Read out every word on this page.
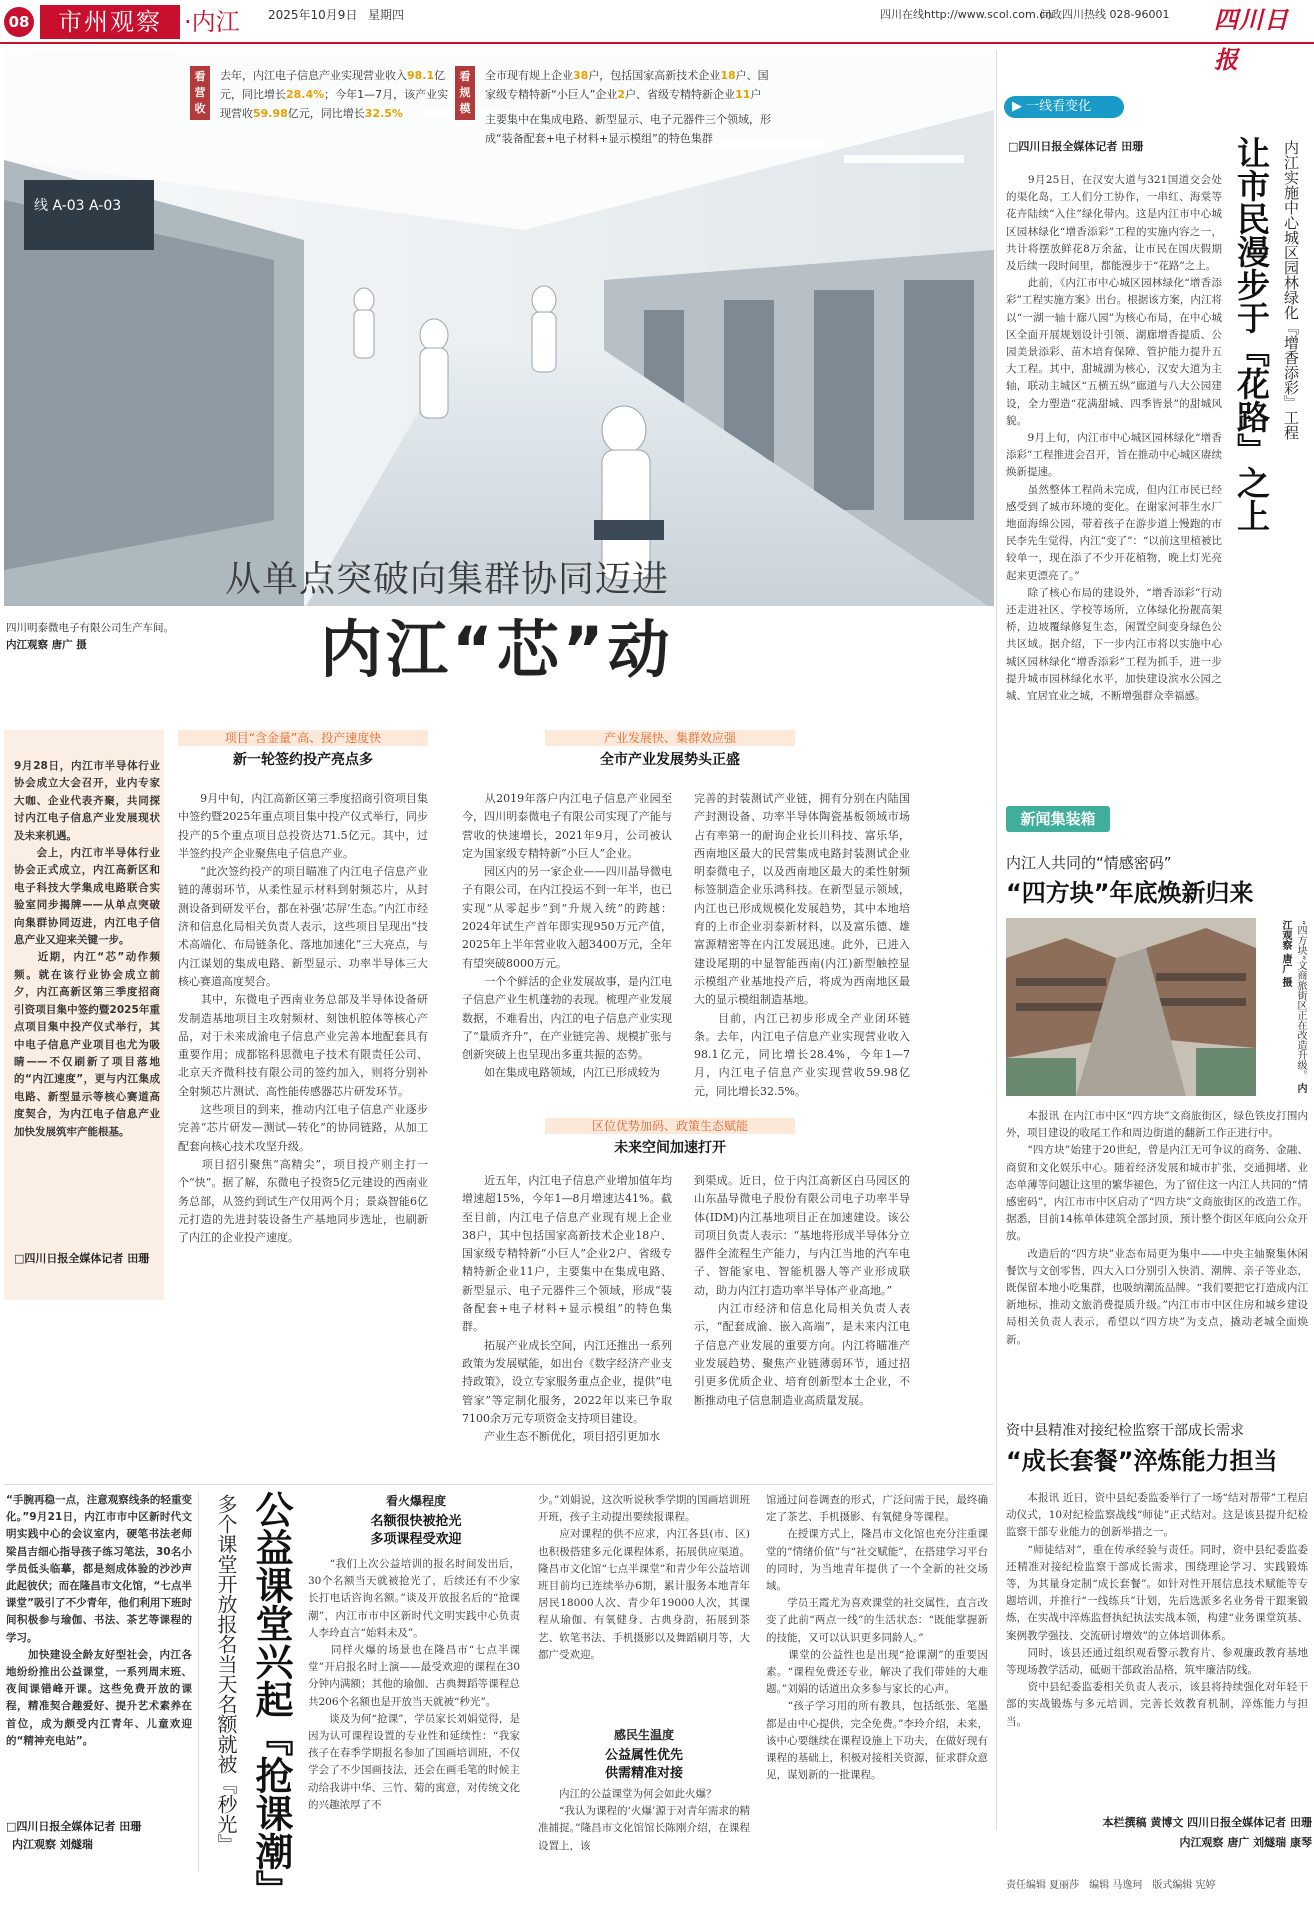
08	市州观察 ·内江	2025年10月9日 星期四	四川在线http://www.scol.com.cn
问政四川热线 028-96001	四川日报
线 A-03 A-03
看营收
去年，内江电子信息产业实现营业收入98.1亿元，同比增长28.4%；今年1—7月，该产业实现营收59.98亿元，同比增长32.5%
看规模
全市现有规上企业38户，包括国家高新技术企业18户、国家级专精特新“小巨人”企业2户、省级专精特新企业11户
主要集中在集成电路、新型显示、电子元器件三个领域，形成“装备配套+电子材料+显示模组”的特色集群
从单点突破向集群协同迈进
四川明泰微电子有限公司生产车间。 内江观察 唐广 摄	内江“芯”动
9月28日，内江市半导体行业协会成立大会召开，业内专家大咖、企业代表齐聚，共同探讨内江电子信息产业发展现状及未来机遇。
　　会上，内江市半导体行业协会正式成立，内江高新区和电子科技大学集成电路联合实验室同步揭牌——从单点突破向集群协同迈进，内江电子信息产业又迎来关键一步。
　　近期，内江“芯”动作频频。就在该行业协会成立前夕，内江高新区第三季度招商引资项目集中签约暨2025年重点项目集中投产仪式举行，其中电子信息产业项目也尤为吸睛——不仅刷新了项目落地的“内江速度”，更与内江集成电路、新型显示等核心赛道高度契合，为内江电子信息产业加快发展筑牢产能根基。
□四川日报全媒体记者 田珊
项目“含金量”高、投产速度快
新一轮签约投产亮点多
　　9月中旬，内江高新区第三季度招商引资项目集中签约暨2025年重点项目集中投产仪式举行，同步投产的5个重点项目总投资达71.5亿元。其中，过半签约投产企业聚焦电子信息产业。
　　“此次签约投产的项目瞄准了内江电子信息产业链的薄弱环节，从柔性显示材料到射频芯片，从封测设备到研发平台，都在补强‘芯屏’生态。”内江市经济和信息化局相关负责人表示，这些项目呈现出“技术高端化、布局链条化、落地加速化”三大亮点，与内江谋划的集成电路、新型显示、功率半导体三大核心赛道高度契合。
　　其中，东微电子西南业务总部及半导体设备研发制造基地项目主攻射频材、刻蚀机腔体等核心产品，对于未来成渝电子信息产业完善本地配套具有重要作用；成都铭科思微电子技术有限责任公司、北京天齐微科技有限公司的签约加入，则将分别补全射频芯片测试、高性能传感器芯片研发环节。
　　这些项目的到来，推动内江电子信息产业逐步完善“芯片研发—测试—转化”的协同链路，从加工配套向核心技术攻坚升级。
　　项目招引聚焦“高精尖”，项目投产则主打一个“快”。据了解，东微电子投资5亿元建设的西南业务总部，从签约到试生产仅用两个月；景焱智能6亿元打造的先进封装设备生产基地同步选址，也刷新了内江的企业投产速度。
产业发展快、集群效应强
全市产业发展势头正盛
　　从2019年落户内江电子信息产业园至今，四川明泰微电子有限公司实现了产能与营收的快速增长，2021年9月，公司被认定为国家级专精特新“小巨人”企业。
　　园区内的另一家企业——四川晶导微电子有限公司，在内江投运不到一年半，也已实现“从零起步”到“升规入统”的跨越：2024年试生产首年即实现950万元产值，2025年上半年营业收入超3400万元，全年有望突破8000万元。
　　一个个鲜活的企业发展故事，是内江电子信息产业生机蓬勃的表现。梳理产业发展数据，不难看出，内江的电子信息产业实现了“量质齐升”，在产业链完善、规模扩张与创新突破上也呈现出多重共振的态势。
　　如在集成电路领域，内江已形成较为
完善的封装测试产业链，拥有分别在内陆国产封测设备、功率半导体陶瓷基板领域市场占有率第一的耐询企业长川科技、富乐华，西南地区最大的民营集成电路封装测试企业明泰微电子，以及西南地区最大的柔性射频标签制造企业乐鸿科技。在新型显示领域，内江也已形成规模化发展趋势，其中本地培育的上市企业羽泰新材料，以及富乐德、雄富源精密等在内江发展迅速。此外，已进入建设尾期的中显智能西南(内江)新型触控显示模组产业基地投产后，将成为西南地区最大的显示模组制造基地。
　　目前，内江已初步形成全产业闭环链条。去年，内江电子信息产业实现营业收入98.1亿元，同比增长28.4%，今年1—7月，内江电子信息产业实现营收59.98亿元，同比增长32.5%。
区位优势加码、政策生态赋能
未来空间加速打开
　　近五年，内江电子信息产业增加值年均增速超15%，今年1—8月增速达41%。截至目前，内江电子信息产业现有规上企业38户，其中包括国家高新技术企业18户、国家级专精特新“小巨人”企业2户、省级专精特新企业11户，主要集中在集成电路、新型显示、电子元器件三个领域，形成“装备配套+电子材料+显示模组”的特色集群。
　　拓展产业成长空间，内江还推出一系列政策为发展赋能，如出台《数字经济产业支持政策》，设立专家服务重点企业，提供“电管家”等定制化服务，2022年以来已争取7100余万元专项资金支持项目建设。
　　产业生态不断优化，项目招引更加水
到渠成。近日，位于内江高新区白马园区的山东晶导微电子股份有限公司电子功率半导体(IDM)内江基地项目正在加速建设。该公司项目负责人表示：“基地将形成半导体分立器件全流程生产能力，与内江当地的汽车电子、智能家电、智能机器人等产业形成联动，助力内江打造功率半导体产业高地。”
　　内江市经济和信息化局相关负责人表示，“配套成渝、嵌入高端”，是未来内江电子信息产业发展的重要方向。内江将瞄准产业发展趋势、聚焦产业链薄弱环节，通过招引更多优质企业、培育创新型本土企业，不断推动电子信息制造业高质量发展。
▶ 一线看变化
□四川日报全媒体记者 田珊	让市民漫步于『花路』之上 内江实施中心城区园林绿化『增香添彩』工程
　　9月25日，在汉安大道与321国道交会处的渠化岛，工人们分工协作，一串红、海棠等花卉陆续“入住”绿化带内。这是内江市中心城区园林绿化“增香添彩”工程的实施内容之一，共计将摆放鲜花8万余盆，让市民在国庆假期及后续一段时间里，都能漫步于“花路”之上。
　　此前，《内江市中心城区园林绿化“增香添彩”工程实施方案》出台。根据该方案，内江将以“一湖一轴十廊八园”为核心布局，在中心城区全面开展规划设计引领、湖廊增香提质、公园美景添彩、苗木培育保障、管护能力提升五大工程。其中，甜城湖为核心，汉安大道为主轴，联动主城区“五横五纵”廊道与八大公园建设，全力塑造“花满甜城、四季皆景”的甜城风貌。
　　9月上旬，内江市中心城区园林绿化“增香添彩”工程推进会召开，旨在推动中心城区赓续焕新提速。
　　虽然整体工程尚未完成，但内江市民已经感受到了城市环境的变化。在谢家河菲生水厂地面海绵公园，带着孩子在游步道上慢跑的市民李先生觉得，内江“变了”：“以前这里植被比较单一，现在添了不少开花植物，晚上灯光亮起来更漂亮了。”
　　除了核心布局的建设外，“增香添彩”行动还走进社区、学校等场所，立体绿化扮靓高架桥，边坡覆绿修复生态，闲置空间变身绿色公共区域。据介绍，下一步内江市将以实施中心城区园林绿化“增香添彩”工程为抓手，进一步提升城市园林绿化水平，加快建设滨水公园之城、宜居宜业之城，不断增强群众幸福感。
新闻集装箱
内江人共同的“情感密码”
“四方块”年底焕新归来
“四方块”文商旅街区正在改造升级。 内江观察 唐广 摄
　　本报讯 在内江市中区“四方块”文商旅街区，绿色铁皮打围内外，项目建设的收尾工作和周边街道的翻新工作正进行中。
　　“四方块”始建于20世纪，曾是内江无可争议的商务、金融、商贸和文化娱乐中心。随着经济发展和城市扩张，交通拥堵、业态单薄等问题让这里的繁华褪色，为了留住这一内江人共同的“情感密码”，内江市市中区启动了“四方块”文商旅街区的改造工作。据悉，目前14栋单体建筑全部封顶，预计整个街区年底向公众开放。
　　改造后的“四方块”业态布局更为集中——中央主轴聚集休闲餐饮与文创零售，四大入口分别引入快消、潮牌、亲子等业态，既保留本地小吃集群，也吸纳潮流品牌。“我们要把它打造成内江新地标，推动文旅消费提质升级。”内江市市中区住房和城乡建设局相关负责人表示，希望以“四方块”为支点，撬动老城全面焕新。
资中县精准对接纪检监察干部成长需求
“成长套餐”淬炼能力担当
　　本报讯 近日，资中县纪委监委举行了一场“结对帮带”工程启动仪式，10对纪检监察战线“师徒”正式结对。这是该县提升纪检监察干部专业能力的创新举措之一。
　　“师徒结对”，重在传承经验与责任。同时，资中县纪委监委还精准对接纪检监察干部成长需求，围绕理论学习、实践锻炼等，为其量身定制“成长套餐”。如针对性开展信息技术赋能等专题培训，并推行“一线练兵”计划，先后选派多名业务骨干跟案锻炼，在实战中淬炼监督执纪执法实战本领，构建“业务课堂筑基、案例教学强技、交流研讨增效”的立体培训体系。
　　同时，该县还通过组织观看警示教育片、参观廉政教育基地等现场教学活动，砥砺干部政治品格，筑牢廉洁防线。
　　资中县纪委监委相关负责人表示，该县将持续强化对年轻干部的实战锻炼与多元培训，完善长效教育机制，淬炼能力与担当。
本栏撰稿 黄博文 四川日报全媒体记者 田珊
内江观察 唐广 刘燧瑞 康琴
“手腕再稳一点，注意观察线条的轻重变化。”9月21日，内江市市中区新时代文明实践中心的会议室内，硬笔书法老师梁昌吉细心指导孩子练习笔法，30名小学员低头临摹，都是刻成体验的沙沙声此起彼伏；而在隆昌市文化馆，“七点半课堂”吸引了不少青年，他们利用下班时间积极参与瑜伽、书法、茶艺等课程的学习。
　　加快建设全龄友好型社会，内江各地纷纷推出公益课堂，一系列周末班、夜间课错峰开课。这些免费开放的课程，精准契合趣爱好、提升艺术素养在首位，成为颇受内江青年、儿童欢迎的“精神充电站”。
□四川日报全媒体记者 田珊
内江观察 刘燧瑞	公益课堂兴起『抢课潮』
多个课堂开放报名当天名额就被『秒光』	看火爆程度
名额很快被抢光
多项课程受欢迎
　　“我们上次公益培训的报名时间发出后，30个名额当天就被抢光了，后续还有不少家长打电话咨询名额。”谈及开放报名后的“抢课潮”，内江市市中区新时代文明实践中心负责人李玲直言“始料未及”。
　　同样火爆的场景也在隆昌市“七点半课堂”开启报名时上演——最受欢迎的课程在30分钟内满额；其他的瑜伽、古典舞蹈等课程总共206个名额也是开放当天就被“秒光”。
　　谈及为何“抢课”，学员家长刘娟觉得，是因为认可课程设置的专业性和延续性：“我家孩子在春季学期报名参加了国画培训班，不仅学会了不少国画技法，还会在画毛笔的时候主动给我讲中华、三竹、菊的寓意，对传统文化的兴趣浓厚了不
少。”刘娟说，这次听说秋季学期的国画培训班开班，孩子主动提出要续报课程。
　　应对课程的供不应求，内江各县(市、区)也积极搭建多元化课程体系，拓展供应渠道。隆昌市文化馆“七点半课堂”和青少年公益培训班目前均已连续举办6期，累计服务本地青年居民18000人次、青少年19000人次，其课程从瑜伽、有氧健身、古典身韵，拓展到茶艺、软笔书法、手机摄影以及舞蹈刷月等，大都广受欢迎。
感民生温度
公益属性优先
供需精准对接
　　内江的公益课堂为何会如此火爆？
　　“我认为课程的‘火爆’源于对青年需求的精准捕捉。”隆昌市文化馆馆长陈刚介绍，在课程设置上，该
馆通过问卷调查的形式，广泛问需于民，最终确定了茶艺、手机摄影、有氧健身等课程。
　　在授课方式上，隆昌市文化馆也充分注重课堂的“情绪价值”与“社交赋能”，在搭建学习平台的同时，为当地青年提供了一个全新的社交场域。
　　学员王霞尤为喜欢课堂的社交属性，直言改变了此前“两点一线”的生活状态：“既能掌握新的技能，又可以认识更多同龄人。”
　　课堂的公益性也是出现“抢课潮”的重要因素。“课程免费还专业，解决了我们带娃的大难题。”刘娟的话道出众多参与家长的心声。
　　“孩子学习用的所有教具，包括纸张、笔墨都是由中心提供，完全免费。”李玲介绍，未来，该中心要继续在课程设施上下功夫，在做好现有课程的基础上，积极对接相关资源，征求群众意见，谋划新的一批课程。
责任编辑 夏丽莎　编辑 马逸珂　版式编辑 宪婷
